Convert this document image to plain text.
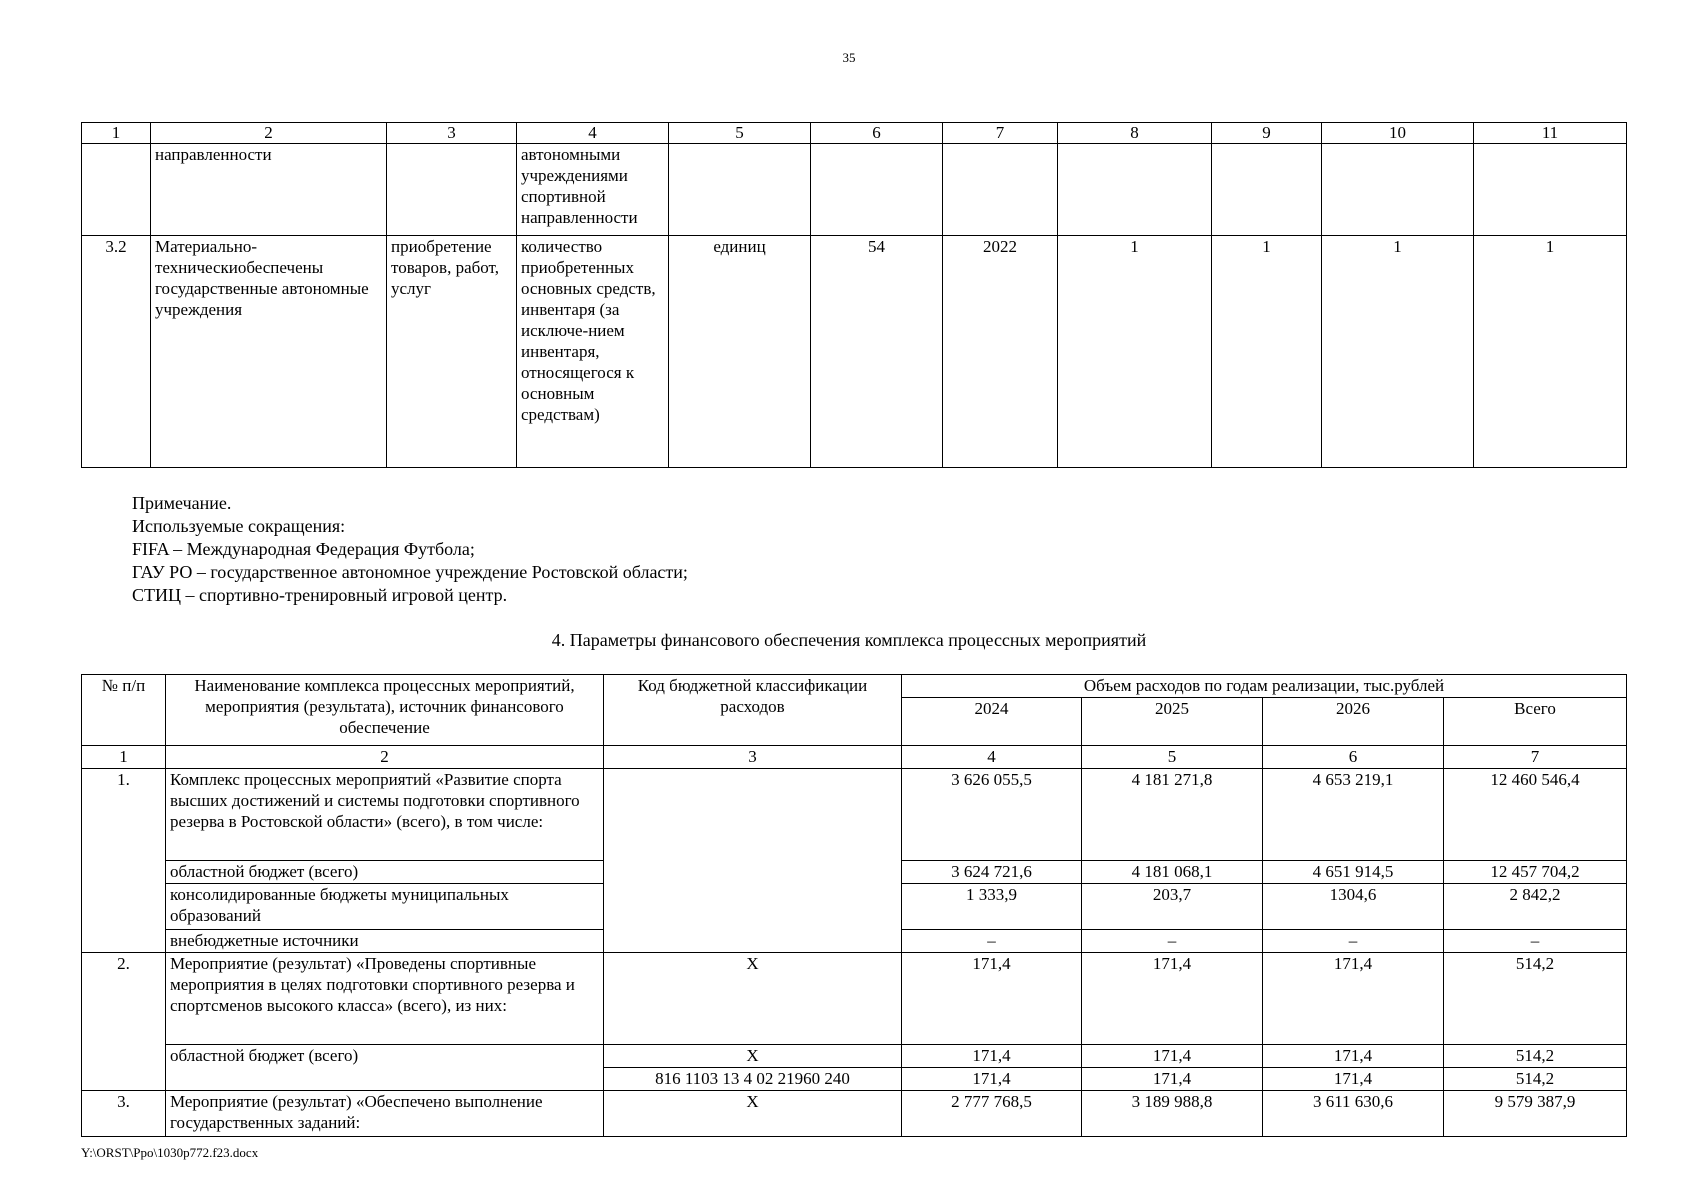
35
1	2	3	4	5	6	7	8	9	10	11
	направленности		автономными учреждениями спортивной направленности							
3.2	Материально-техническиобеспечены государственные автономные учреждения	приобретение товаров, работ, услуг	количество приобретенных основных средств, инвентаря (за исключе-нием инвентаря, относящегося к основным средствам)	единиц	54	2022	1	1	1	1
Примечание.
Используемые сокращения:
FIFA – Международная Федерация Футбола;
ГАУ РО – государственное автономное учреждение Ростовской области;
СТИЦ – спортивно-тренировный игровой центр.
4. Параметры финансового обеспечения комплекса процессных мероприятий
№ п/п	Наименование комплекса процессных мероприятий, мероприятия (результата), источник финансового обеспечение	Код бюджетной классификации расходов	Объем расходов по годам реализации, тыс.рублей			
			2024	2025	2026	Всего
1	2	3	4	5	6	7
1.	Комплекс процессных мероприятий «Развитие спорта высших достижений и системы подготовки спортивного резерва в Ростовской области» (всего), в том числе:		3 626 055,5	4 181 271,8	4 653 219,1	12 460 546,4
	областной бюджет (всего)		3 624 721,6	4 181 068,1	4 651 914,5	12 457 704,2
	консолидированные бюджеты муниципальных образований		1 333,9	203,7	1304,6	2 842,2
	внебюджетные источники		–	–	–	–
2.	Мероприятие (результат) «Проведены спортивные мероприятия в целях подготовки спортивного резерва и спортсменов высокого класса» (всего), из них:	Х	171,4	171,4	171,4	514,2
	областной бюджет (всего)	Х	171,4	171,4	171,4	514,2
		816 1103 13 4 02 21960 240	171,4	171,4	171,4	514,2
3.	Мероприятие (результат) «Обеспечено выполнение государственных заданий:	Х	2 777 768,5	3 189 988,8	3 611 630,6	9 579 387,9
Y:\ORST\Ppo\1030p772.f23.docx
